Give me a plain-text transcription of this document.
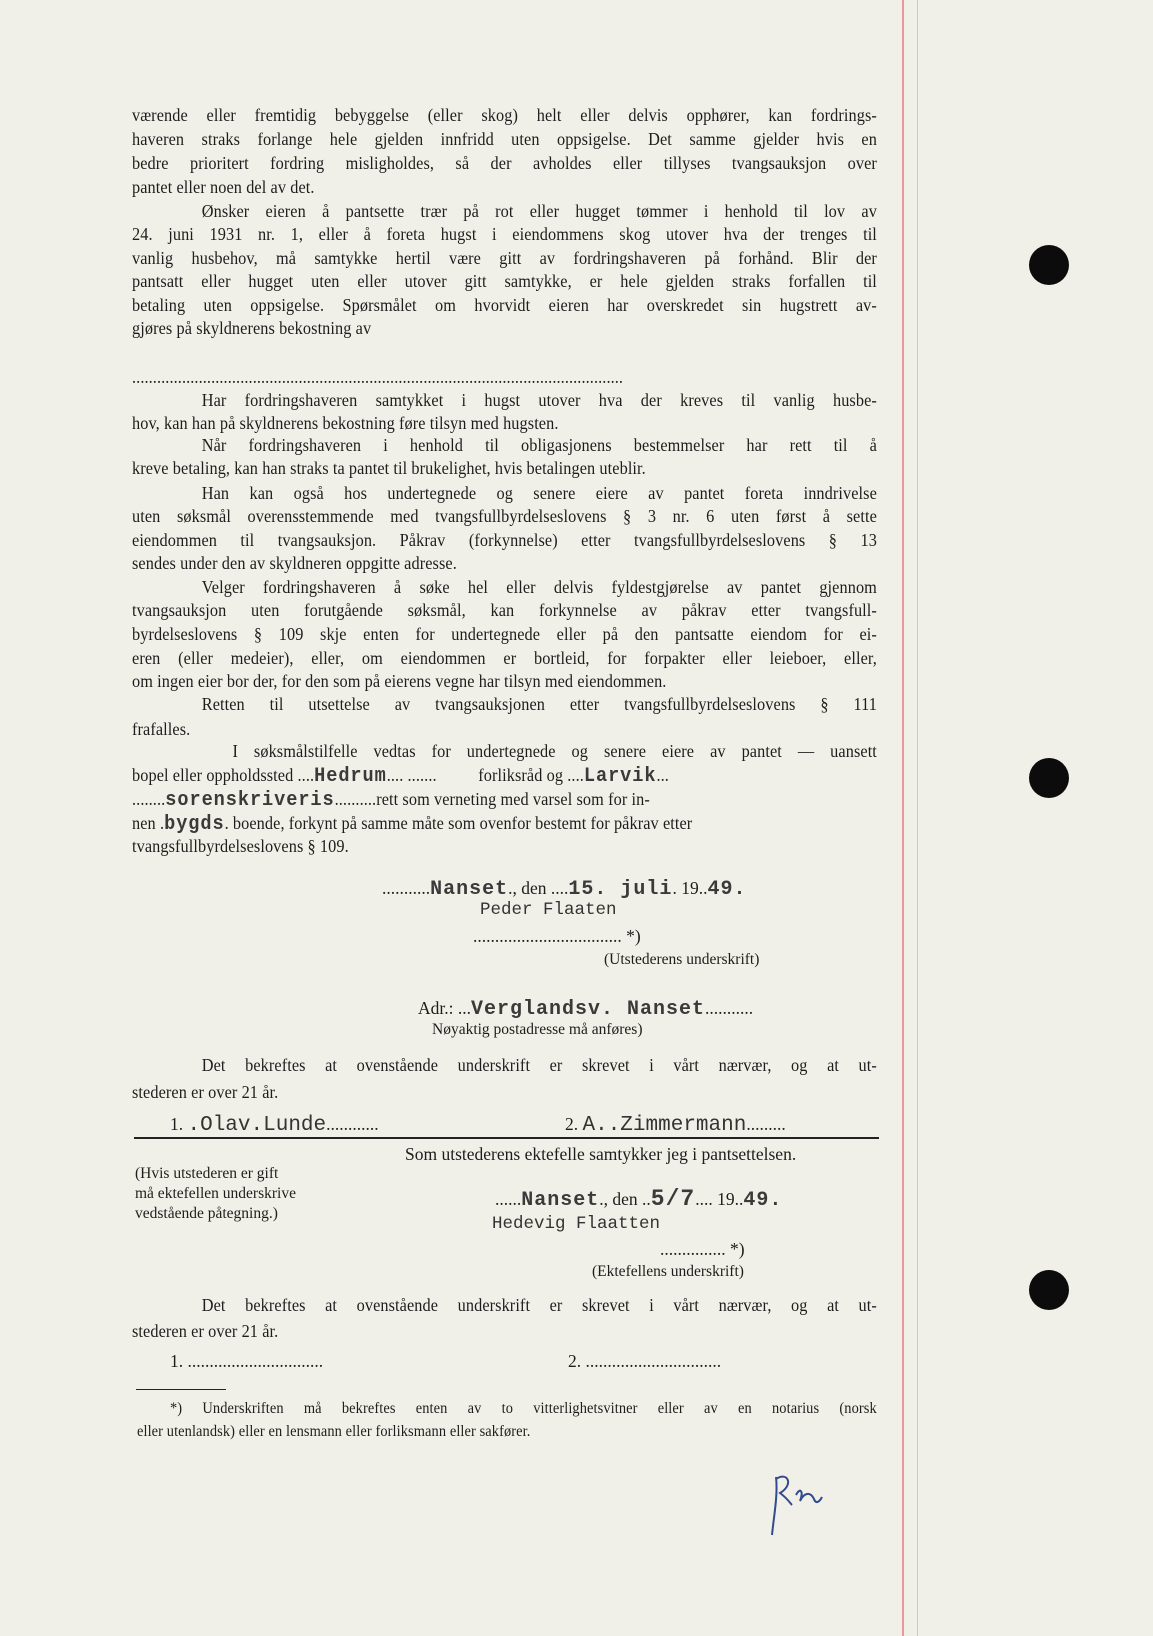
værende eller fremtidig bebyggelse (eller skog) helt eller delvis opphører, kan fordrings-
haveren straks forlange hele gjelden innfridd uten oppsigelse. Det samme gjelder hvis en
bedre prioritert fordring misligholdes, så der avholdes eller tillyses tvangsauksjon over
pantet eller noen del av det.
Ønsker eieren å pantsette trær på rot eller hugget tømmer i henhold til lov av
24. juni 1931 nr. 1, eller å foreta hugst i eiendommens skog utover hva der trenges til
vanlig husbehov, må samtykke hertil være gitt av fordringshaveren på forhånd. Blir der
pantsatt eller hugget uten eller utover gitt samtykke, er hele gjelden straks forfallen til
betaling uten oppsigelse. Spørsmålet om hvorvidt eieren har overskredet sin hugstrett av-
gjøres på skyldnerens bekostning av
......................................................................................................................
Har fordringshaveren samtykket i hugst utover hva der kreves til vanlig husbe-
hov, kan han på skyldnerens bekostning føre tilsyn med hugsten.
Når fordringshaveren i henhold til obligasjonens bestemmelser har rett til å
kreve betaling, kan han straks ta pantet til brukelighet, hvis betalingen uteblir.
Han kan også hos undertegnede og senere eiere av pantet foreta inndrivelse
uten søksmål overensstemmende med tvangsfullbyrdelseslovens § 3 nr. 6 uten først å sette
eiendommen til tvangsauksjon. Påkrav (forkynnelse) etter tvangsfullbyrdelseslovens § 13
sendes under den av skyldneren oppgitte adresse.
Velger fordringshaveren å søke hel eller delvis fyldestgjørelse av pantet gjennom
tvangsauksjon uten forutgående søksmål, kan forkynnelse av påkrav etter tvangsfull-
byrdelseslovens § 109 skje enten for undertegnede eller på den pantsatte eiendom for ei-
eren (eller medeier), eller, om eiendommen er bortleid, for forpakter eller leieboer, eller,
om ingen eier bor der, for den som på eierens vegne har tilsyn med eiendommen.
Retten til utsettelse av tvangsauksjonen etter tvangsfullbyrdelseslovens § 111
frafalles.
I søksmålstilfelle vedtas for undertegnede og senere eiere av pantet — uansett
bopel eller oppholdssted ....Hedrum.... ....... forliksråd og ....Larvik...
........sorenskriveris..........rett som verneting med varsel som for in-
nen .bygds. boende, forkynt på samme måte som ovenfor bestemt for påkrav etter
tvangsfullbyrdelseslovens § 109.
...........Nanset., den ....15. juli. 19..49.
Peder Flaaten
.................................. *)
(Utstederens underskrift)
Adr.: ...Verglandsv. Nanset...........
Nøyaktig postadresse må anføres)
Det bekreftes at ovenstående underskrift er skrevet i vårt nærvær, og at ut-
stederen er over 21 år.
1. .Olav.Lunde............	2. A..Zimmermann.........
Som utstederens ektefelle samtykker jeg i pantsettelsen.
(Hvis utstederen er gift
må ektefellen underskrive
vedstående påtegning.)
......Nanset., den ..5/7.... 19..49.
Hedevig Flaatten
............... *)
(Ektefellens underskrift)
Det bekreftes at ovenstående underskrift er skrevet i vårt nærvær, og at ut-
stederen er over 21 år.
1. ...............................	2. ...............................
*) Underskriften må bekreftes enten av to vitterlighetsvitner eller av en notarius (norsk
eller utenlandsk) eller en lensmann eller forliksmann eller sakfører.
